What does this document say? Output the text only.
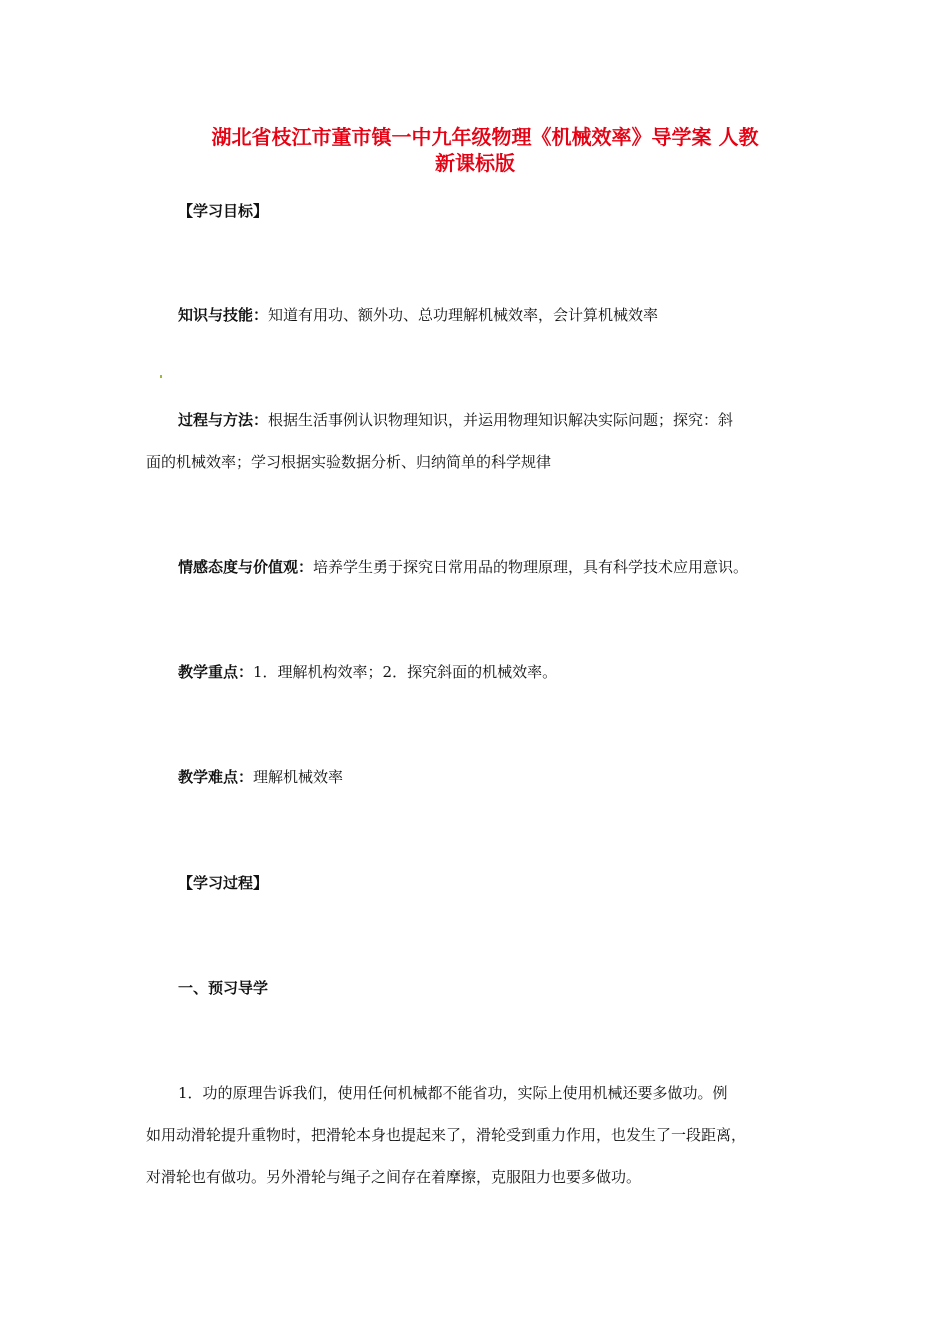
湖北省枝江市董市镇一中九年级物理《机械效率》导学案 人教
新课标版
【学习目标】
知识与技能：知道有用功、额外功、总功理解机械效率，会计算机械效率
过程与方法：根据生活事例认识物理知识，并运用物理知识解决实际问题；探究：斜
面的机械效率；学习根据实验数据分析、归纳简单的科学规律
情感态度与价值观：培养学生勇于探究日常用品的物理原理，具有科学技术应用意识。
教学重点：1．理解机构效率；2．探究斜面的机械效率。
教学难点：理解机械效率
【学习过程】
一、预习导学
1．功的原理告诉我们，使用任何机械都不能省功，实际上使用机械还要多做功。例
如用动滑轮提升重物时，把滑轮本身也提起来了，滑轮受到重力作用，也发生了一段距离，
对滑轮也有做功。另外滑轮与绳子之间存在着摩擦，克服阻力也要多做功。
